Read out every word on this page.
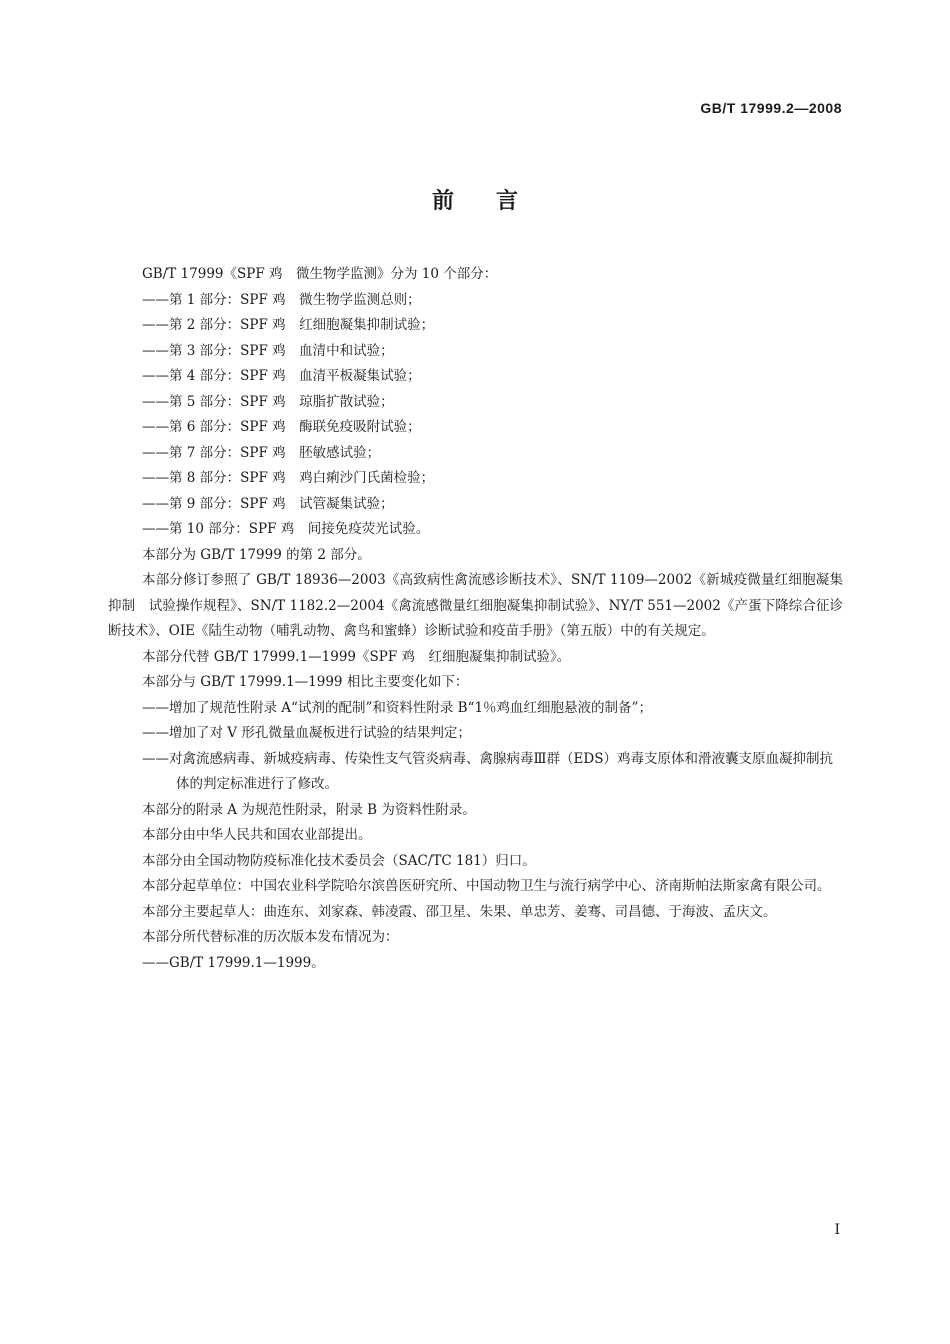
GB/T 17999.2—2008
前言

GB/T 17999《SPF 鸡　微生物学监测》分为 10 个部分：

——第 1 部分：SPF 鸡　微生物学监测总则；

——第 2 部分：SPF 鸡　红细胞凝集抑制试验；

——第 3 部分：SPF 鸡　血清中和试验；

——第 4 部分：SPF 鸡　血清平板凝集试验；

——第 5 部分：SPF 鸡　琼脂扩散试验；

——第 6 部分：SPF 鸡　酶联免疫吸附试验；

——第 7 部分：SPF 鸡　胚敏感试验；

——第 8 部分：SPF 鸡　鸡白痢沙门氏菌检验；

——第 9 部分：SPF 鸡　试管凝集试验；

——第 10 部分：SPF 鸡　间接免疫荧光试验。

本部分为 GB/T 17999 的第 2 部分。

本部分修订参照了 GB/T 18936—2003《高致病性禽流感诊断技术》、SN/T 1109—2002《新城疫微量红细胞凝集抑制　试验操作规程》、SN/T 1182.2—2004《禽流感微量红细胞凝集抑制试验》、NY/T 551—2002《产蛋下降综合征诊断技术》、OIE《陆生动物（哺乳动物、禽鸟和蜜蜂）诊断试验和疫苗手册》（第五版）中的有关规定。

本部分代替 GB/T 17999.1—1999《SPF 鸡　红细胞凝集抑制试验》。

本部分与 GB/T 17999.1—1999 相比主要变化如下：

——增加了规范性附录 A“试剂的配制”和资料性附录 B“1％鸡血红细胞悬液的制备”；

——增加了对 V 形孔微量血凝板进行试验的结果判定；

——对禽流感病毒、新城疫病毒、传染性支气管炎病毒、禽腺病毒Ⅲ群（EDS）鸡毒支原体和滑液囊支原血凝抑制抗体的判定标准进行了修改。

本部分的附录 A 为规范性附录，附录 B 为资料性附录。

本部分由中华人民共和国农业部提出。

本部分由全国动物防疫标准化技术委员会（SAC/TC 181）归口。

本部分起草单位：中国农业科学院哈尔滨兽医研究所、中国动物卫生与流行病学中心、济南斯帕法斯家禽有限公司。

本部分主要起草人：曲连东、刘家森、韩凌霞、邵卫星、朱果、单忠芳、姜骞、司昌德、于海波、孟庆文。

本部分所代替标准的历次版本发布情况为：

——GB/T 17999.1—1999。

I
